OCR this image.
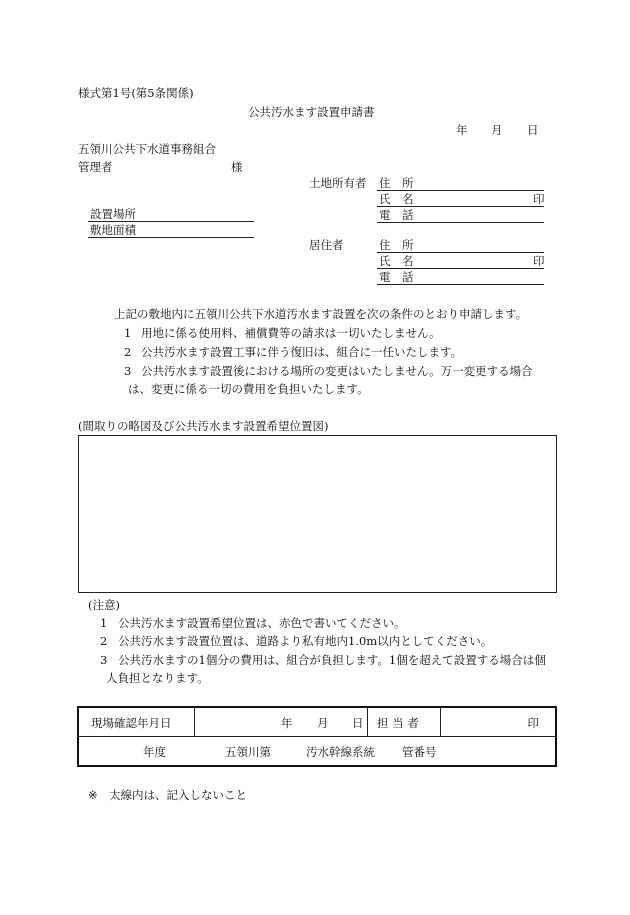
様式第1号(第5条関係)
公共汚水ます設置申請書
年 月 日
五領川公共下水道事務組合
管理者	様
設置場所
敷地面積
土地所有者 住　所
氏　名	印
電　話
居住者	住　所
氏　名	印
電　話
上記の敷地内に五領川公共下水道汚水ます設置を次の条件のとおり申請します。
1 用地に係る使用料、補償費等の請求は一切いたしません。
2 公共汚水ます設置工事に伴う復旧は、組合に一任いたします。
3 公共汚水ます設置後における場所の変更はいたしません。万一変更する場合
は、変更に係る一切の費用を負担いたします。
(間取りの略図及び公共汚水ます設置希望位置図)
(注意)
1 公共汚水ます設置希望位置は、赤色で書いてください。
2 公共汚水ます設置位置は、道路より私有地内1.0m以内としてください。
3 公共汚水ますの1個分の費用は、組合が負担します。1個を超えて設置する場合は個
人負担となります。
現場確認年月日	年 月 日	担 当 者	印

年度	五領川第	汚水幹線系統 管番号
※ 太線内は、記入しないこと
